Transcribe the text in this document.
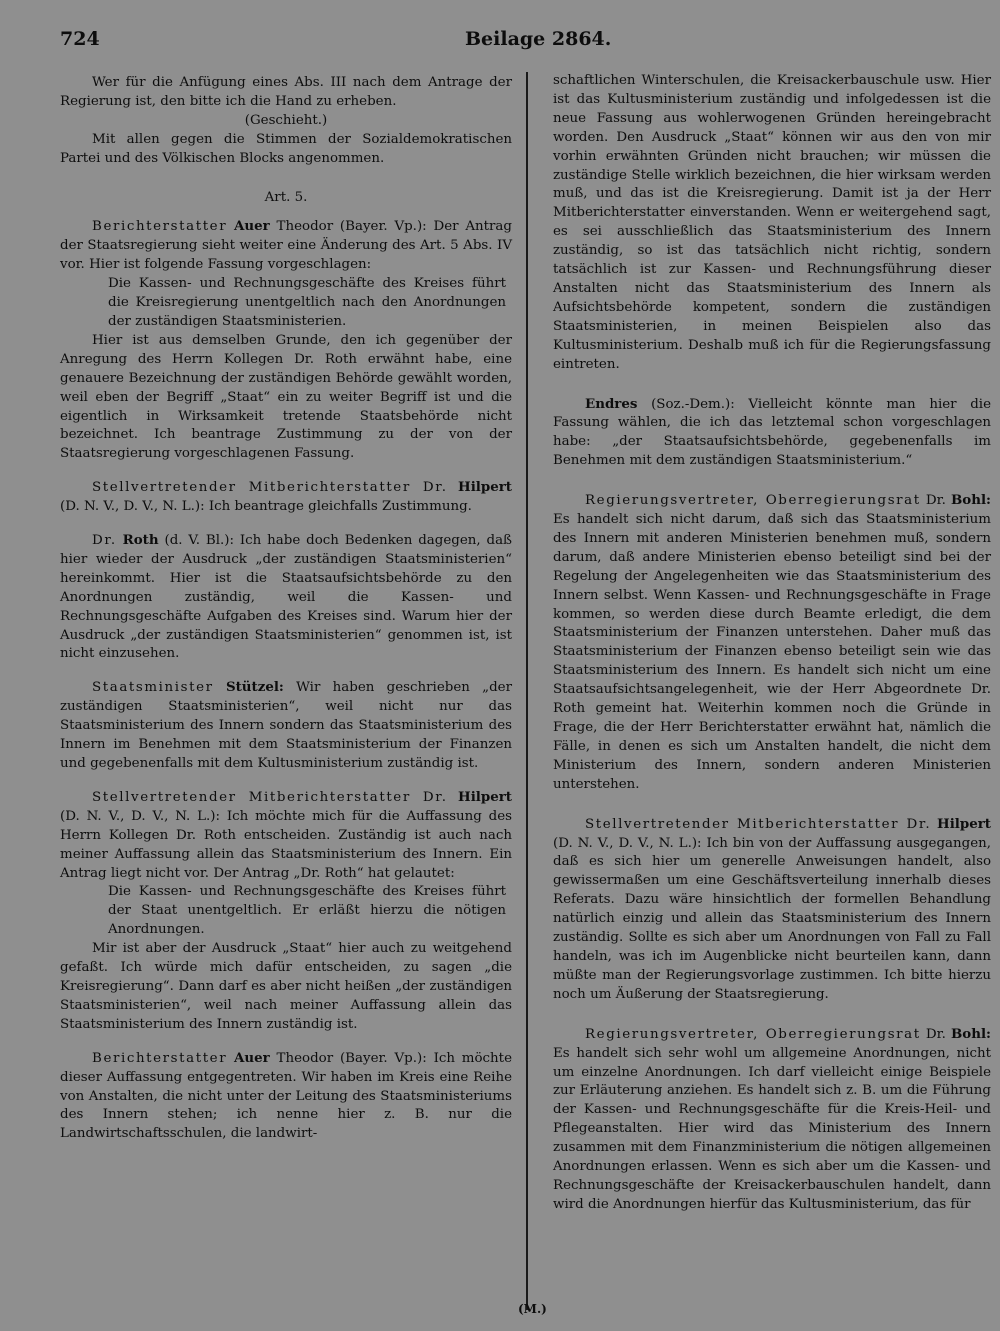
724	Beilage 2864.

Wer für die Anfügung eines Abs. III nach dem Antrage der Regierung ist, den bitte ich die Hand zu erheben.

(Geschieht.)

Mit allen gegen die Stimmen der Sozialdemokratischen Partei und des Völkischen Blocks angenommen.

Art. 5.

Berichterstatter Auer Theodor (Bayer. Vp.): Der Antrag der Staatsregierung sieht weiter eine Änderung des Art. 5 Abs. IV vor. Hier ist folgende Fassung vorgeschlagen:

Die Kassen- und Rechnungsgeschäfte des Kreises führt die Kreisregierung unentgeltlich nach den Anordnungen der zuständigen Staatsministerien.

Hier ist aus demselben Grunde, den ich gegenüber der Anregung des Herrn Kollegen Dr. Roth erwähnt habe, eine genauere Bezeichnung der zuständigen Behörde gewählt worden, weil eben der Begriff „Staat“ ein zu weiter Begriff ist und die eigentlich in Wirksamkeit tretende Staatsbehörde nicht bezeichnet. Ich beantrage Zustimmung zu der von der Staatsregierung vorgeschlagenen Fassung.

Stellvertretender Mitberichterstatter Dr. Hilpert (D. N. V., D. V., N. L.): Ich beantrage gleichfalls Zustimmung.

Dr. Roth (d. V. Bl.): Ich habe doch Bedenken dagegen, daß hier wieder der Ausdruck „der zuständigen Staatsministerien“ hereinkommt. Hier ist die Staatsaufsichtsbehörde zu den Anordnungen zuständig, weil die Kassen- und Rechnungsgeschäfte Aufgaben des Kreises sind. Warum hier der Ausdruck „der zuständigen Staatsministerien“ genommen ist, ist nicht einzusehen.

Staatsminister Stützel: Wir haben geschrieben „der zuständigen Staatsministerien“, weil nicht nur das Staatsministerium des Innern sondern das Staatsministerium des Innern im Benehmen mit dem Staatsministerium der Finanzen und gegebenenfalls mit dem Kultusministerium zuständig ist.

Stellvertretender Mitberichterstatter Dr. Hilpert (D. N. V., D. V., N. L.): Ich möchte mich für die Auffassung des Herrn Kollegen Dr. Roth entscheiden. Zuständig ist auch nach meiner Auffassung allein das Staatsministerium des Innern. Ein Antrag liegt nicht vor. Der Antrag „Dr. Roth“ hat gelautet:

Die Kassen- und Rechnungsgeschäfte des Kreises führt der Staat unentgeltlich. Er erläßt hierzu die nötigen Anordnungen.

Mir ist aber der Ausdruck „Staat“ hier auch zu weitgehend gefaßt. Ich würde mich dafür entscheiden, zu sagen „die Kreisregierung“. Dann darf es aber nicht heißen „der zuständigen Staatsministerien“, weil nach meiner Auffassung allein das Staatsministerium des Innern zuständig ist.

Berichterstatter Auer Theodor (Bayer. Vp.): Ich möchte dieser Auffassung entgegentreten. Wir haben im Kreis eine Reihe von Anstalten, die nicht unter der Leitung des Staatsministeriums des Innern stehen; ich nenne hier z. B. nur die Landwirtschaftsschulen, die landwirt-

schaftlichen Winterschulen, die Kreisackerbauschule usw. Hier ist das Kultusministerium zuständig und infolgedessen ist die neue Fassung aus wohlerwogenen Gründen hereingebracht worden. Den Ausdruck „Staat“ können wir aus den von mir vorhin erwähnten Gründen nicht brauchen; wir müssen die zuständige Stelle wirklich bezeichnen, die hier wirksam werden muß, und das ist die Kreisregierung. Damit ist ja der Herr Mitberichterstatter einverstanden. Wenn er weitergehend sagt, es sei ausschließlich das Staatsministerium des Innern zuständig, so ist das tatsächlich nicht richtig, sondern tatsächlich ist zur Kassen- und Rechnungsführung dieser Anstalten nicht das Staatsministerium des Innern als Aufsichtsbehörde kompetent, sondern die zuständigen Staatsministerien, in meinen Beispielen also das Kultusministerium. Deshalb muß ich für die Regierungsfassung eintreten.

Endres (Soz.-Dem.): Vielleicht könnte man hier die Fassung wählen, die ich das letztemal schon vorgeschlagen habe: „der Staatsaufsichtsbehörde, gegebenenfalls im Benehmen mit dem zuständigen Staatsministerium.“

Regierungsvertreter, Oberregierungsrat Dr. Bohl: Es handelt sich nicht darum, daß sich das Staatsministerium des Innern mit anderen Ministerien benehmen muß, sondern darum, daß andere Ministerien ebenso beteiligt sind bei der Regelung der Angelegenheiten wie das Staatsministerium des Innern selbst. Wenn Kassen- und Rechnungsgeschäfte in Frage kommen, so werden diese durch Beamte erledigt, die dem Staatsministerium der Finanzen unterstehen. Daher muß das Staatsministerium der Finanzen ebenso beteiligt sein wie das Staatsministerium des Innern. Es handelt sich nicht um eine Staatsaufsichtsangelegenheit, wie der Herr Abgeordnete Dr. Roth gemeint hat. Weiterhin kommen noch die Gründe in Frage, die der Herr Berichterstatter erwähnt hat, nämlich die Fälle, in denen es sich um Anstalten handelt, die nicht dem Ministerium des Innern, sondern anderen Ministerien unterstehen.

Stellvertretender Mitberichterstatter Dr. Hilpert (D. N. V., D. V., N. L.): Ich bin von der Auffassung ausgegangen, daß es sich hier um generelle Anweisungen handelt, also gewissermaßen um eine Geschäftsverteilung innerhalb dieses Referats. Dazu wäre hinsichtlich der formellen Behandlung natürlich einzig und allein das Staatsministerium des Innern zuständig. Sollte es sich aber um Anordnungen von Fall zu Fall handeln, was ich im Augenblicke nicht beurteilen kann, dann müßte man der Regierungsvorlage zustimmen. Ich bitte hierzu noch um Äußerung der Staatsregierung.

Regierungsvertreter, Oberregierungsrat Dr. Bohl: Es handelt sich sehr wohl um allgemeine Anordnungen, nicht um einzelne Anordnungen. Ich darf vielleicht einige Beispiele zur Erläuterung anziehen. Es handelt sich z. B. um die Führung der Kassen- und Rechnungsgeschäfte für die Kreis-Heil- und Pflegeanstalten. Hier wird das Ministerium des Innern zusammen mit dem Finanzministerium die nötigen allgemeinen Anordnungen erlassen. Wenn es sich aber um die Kassen- und Rechnungsgeschäfte der Kreisackerbauschulen handelt, dann wird die Anordnungen hierfür das Kultusministerium, das für

(M.)
